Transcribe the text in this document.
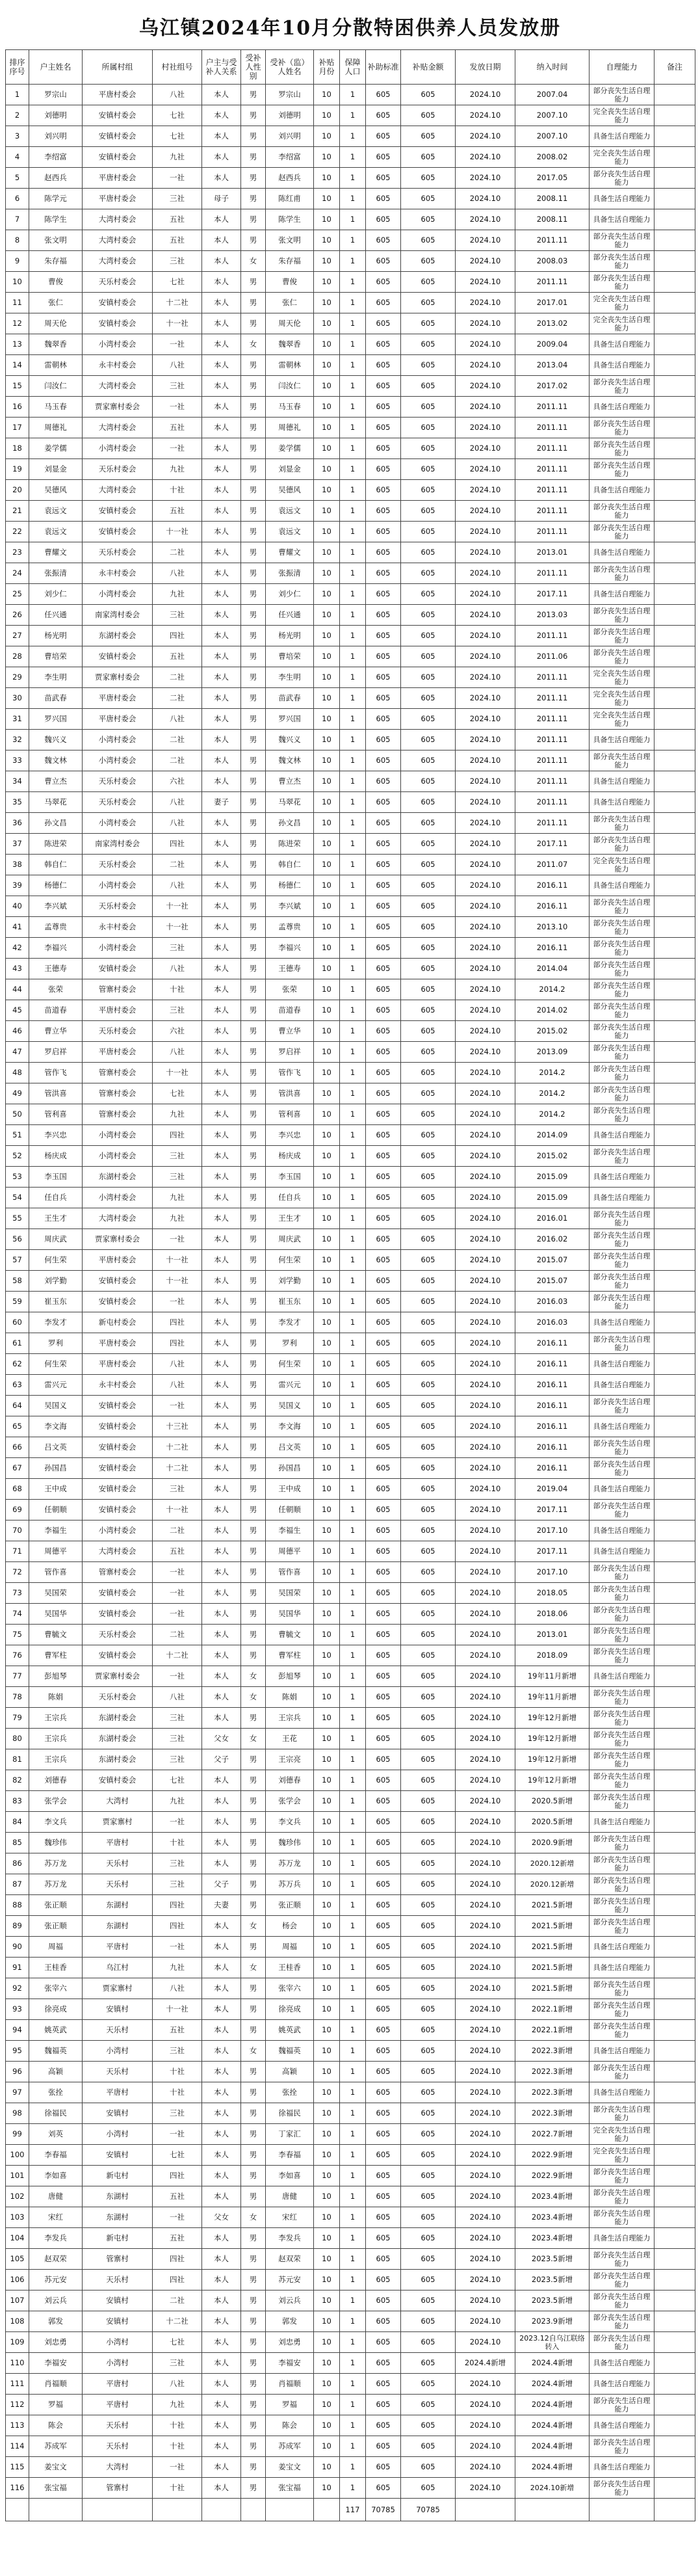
乌江镇2024年10月分散特困供养人员发放册
排序序号	户主姓名	所属村组	村社组号	户主与受补人关系	受补人性别	受补（监）人姓名	补贴月份	保障人口	补助标准	补贴金额	发放日期	纳入时间	自理能力	备注
1	罗宗山	平唐村委会	八社	本人	男	罗宗山	10	1	605	605	2024.10	2007.04	部分丧失生活自理能力	
2	刘德明	安镇村委会	七社	本人	男	刘德明	10	1	605	605	2024.10	2007.10	完全丧失生活自理能力	
3	刘兴明	安镇村委会	七社	本人	男	刘兴明	10	1	605	605	2024.10	2007.10	具备生活自理能力	
4	李绍富	安镇村委会	九社	本人	男	李绍富	10	1	605	605	2024.10	2008.02	完全丧失生活自理能力	
5	赵西兵	平唐村委会	一社	本人	男	赵西兵	10	1	605	605	2024.10	2017.05	部分丧失生活自理能力	
6	陈学元	平唐村委会	三社	母子	男	陈红甫	10	1	605	605	2024.10	2008.11	具备生活自理能力	
7	陈学生	大湾村委会	五社	本人	男	陈学生	10	1	605	605	2024.10	2008.11	具备生活自理能力	
8	张文明	大湾村委会	五社	本人	男	张文明	10	1	605	605	2024.10	2011.11	部分丧失生活自理能力	
9	朱存福	大湾村委会	三社	本人	女	朱存福	10	1	605	605	2024.10	2008.03	部分丧失生活自理能力	
10	曹俊	天乐村委会	七社	本人	男	曹俊	10	1	605	605	2024.10	2011.11	部分丧失生活自理能力	
11	张仁	安镇村委会	十二社	本人	男	张仁	10	1	605	605	2024.10	2017.01	完全丧失生活自理能力	
12	周天伦	安镇村委会	十一社	本人	男	周天伦	10	1	605	605	2024.10	2013.02	完全丧失生活自理能力	
13	魏翠香	小湾村委会	一社	本人	女	魏翠香	10	1	605	605	2024.10	2009.04	具备生活自理能力	
14	雷朝林	永丰村委会	八社	本人	男	雷朝林	10	1	605	605	2024.10	2013.04	具备生活自理能力	
15	闫汝仁	大湾村委会	三社	本人	男	闫汝仁	10	1	605	605	2024.10	2017.02	部分丧失生活自理能力	
16	马玉春	贾家寨村委会	一社	本人	男	马玉春	10	1	605	605	2024.10	2011.11	具备生活自理能力	
17	周德礼	大湾村委会	五社	本人	男	周德礼	10	1	605	605	2024.10	2011.11	部分丧失生活自理能力	
18	姜学儒	小湾村委会	一社	本人	男	姜学儒	10	1	605	605	2024.10	2011.11	部分丧失生活自理能力	
19	刘显金	天乐村委会	九社	本人	男	刘显金	10	1	605	605	2024.10	2011.11	部分丧失生活自理能力	
20	吴德风	大湾村委会	十社	本人	男	吴德风	10	1	605	605	2024.10	2011.11	具备生活自理能力	
21	袁远文	安镇村委会	五社	本人	男	袁远文	10	1	605	605	2024.10	2011.11	部分丧失生活自理能力	
22	袁远文	安镇村委会	十一社	本人	男	袁远文	10	1	605	605	2024.10	2011.11	部分丧失生活自理能力	
23	曹耀文	天乐村委会	二社	本人	男	曹耀文	10	1	605	605	2024.10	2013.01	具备生活自理能力	
24	张振清	永丰村委会	八社	本人	男	张振清	10	1	605	605	2024.10	2011.11	部分丧失生活自理能力	
25	刘少仁	小湾村委会	九社	本人	男	刘少仁	10	1	605	605	2024.10	2017.11	具备生活自理能力	
26	任兴通	南家湾村委会	三社	本人	男	任兴通	10	1	605	605	2024.10	2013.03	部分丧失生活自理能力	
27	杨光明	东湖村委会	四社	本人	男	杨光明	10	1	605	605	2024.10	2011.11	部分丧失生活自理能力	
28	曹培荣	安镇村委会	五社	本人	男	曹培荣	10	1	605	605	2024.10	2011.06	部分丧失生活自理能力	
29	李生明	贾家寨村委会	二社	本人	男	李生明	10	1	605	605	2024.10	2011.11	完全丧失生活自理能力	
30	苗武春	平唐村委会	二社	本人	男	苗武春	10	1	605	605	2024.10	2011.11	完全丧失生活自理能力	
31	罗兴国	平唐村委会	八社	本人	男	罗兴国	10	1	605	605	2024.10	2011.11	完全丧失生活自理能力	
32	魏兴义	小湾村委会	二社	本人	男	魏兴义	10	1	605	605	2024.10	2011.11	具备生活自理能力	
33	魏文林	小湾村委会	二社	本人	男	魏文林	10	1	605	605	2024.10	2011.11	部分丧失生活自理能力	
34	曹立杰	天乐村委会	六社	本人	男	曹立杰	10	1	605	605	2024.10	2011.11	具备生活自理能力	
35	马翠花	天乐村委会	八社	妻子	男	马翠花	10	1	605	605	2024.10	2011.11	具备生活自理能力	
36	孙文昌	小湾村委会	八社	本人	男	孙文昌	10	1	605	605	2024.10	2011.11	部分丧失生活自理能力	
37	陈进荣	南家湾村委会	四社	本人	男	陈进荣	10	1	605	605	2024.10	2017.11	部分丧失生活自理能力	
38	韩自仁	天乐村委会	二社	本人	男	韩自仁	10	1	605	605	2024.10	2011.07	完全丧失生活自理能力	
39	杨德仁	小湾村委会	八社	本人	男	杨德仁	10	1	605	605	2024.10	2016.11	具备生活自理能力	
40	李兴斌	天乐村委会	十一社	本人	男	李兴斌	10	1	605	605	2024.10	2016.11	部分丧失生活自理能力	
41	孟尊贵	永丰村委会	十一社	本人	男	孟尊贵	10	1	605	605	2024.10	2013.10	部分丧失生活自理能力	
42	李福兴	小湾村委会	三社	本人	男	李福兴	10	1	605	605	2024.10	2016.11	部分丧失生活自理能力	
43	王德寿	安镇村委会	八社	本人	男	王德寿	10	1	605	605	2024.10	2014.04	部分丧失生活自理能力	
44	张荣	管寨村委会	十社	本人	男	张荣	10	1	605	605	2024.10	2014.2	部分丧失生活自理能力	
45	苗道春	平唐村委会	三社	本人	男	苗道春	10	1	605	605	2024.10	2014.02	部分丧失生活自理能力	
46	曹立华	天乐村委会	六社	本人	男	曹立华	10	1	605	605	2024.10	2015.02	部分丧失生活自理能力	
47	罗启祥	平唐村委会	八社	本人	男	罗启祥	10	1	605	605	2024.10	2013.09	部分丧失生活自理能力	
48	管作飞	管寨村委会	十一社	本人	男	管作飞	10	1	605	605	2024.10	2014.2	部分丧失生活自理能力	
49	管洪喜	管寨村委会	七社	本人	男	管洪喜	10	1	605	605	2024.10	2014.2	部分丧失生活自理能力	
50	管利喜	管寨村委会	九社	本人	男	管利喜	10	1	605	605	2024.10	2014.2	部分丧失生活自理能力	
51	李兴忠	小湾村委会	四社	本人	男	李兴忠	10	1	605	605	2024.10	2014.09	具备生活自理能力	
52	杨庆成	小湾村委会	三社	本人	男	杨庆成	10	1	605	605	2024.10	2015.02	部分丧失生活自理能力	
53	李玉国	东湖村委会	三社	本人	男	李玉国	10	1	605	605	2024.10	2015.09	具备生活自理能力	
54	任自兵	小湾村委会	九社	本人	男	任自兵	10	1	605	605	2024.10	2015.09	具备生活自理能力	
55	王生才	大湾村委会	九社	本人	男	王生才	10	1	605	605	2024.10	2016.01	部分丧失生活自理能力	
56	周庆武	贾家寨村委会	一社	本人	男	周庆武	10	1	605	605	2024.10	2016.02	部分丧失生活自理能力	
57	何生荣	平唐村委会	十一社	本人	男	何生荣	10	1	605	605	2024.10	2015.07	部分丧失生活自理能力	
58	刘学勤	安镇村委会	十一社	本人	男	刘学勤	10	1	605	605	2024.10	2015.07	部分丧失生活自理能力	
59	崔玉东	安镇村委会	一社	本人	男	崔玉东	10	1	605	605	2024.10	2016.03	部分丧失生活自理能力	
60	李发才	新屯村委会	四社	本人	男	李发才	10	1	605	605	2024.10	2016.03	具备生活自理能力	
61	罗利	平唐村委会	四社	本人	男	罗利	10	1	605	605	2024.10	2016.11	部分丧失生活自理能力	
62	何生荣	平唐村委会	八社	本人	男	何生荣	10	1	605	605	2024.10	2016.11	具备生活自理能力	
63	雷兴元	永丰村委会	八社	本人	男	雷兴元	10	1	605	605	2024.10	2016.11	具备生活自理能力	
64	吴国义	安镇村委会	一社	本人	男	吴国义	10	1	605	605	2024.10	2016.11	部分丧失生活自理能力	
65	李文海	安镇村委会	十三社	本人	男	李文海	10	1	605	605	2024.10	2016.11	具备生活自理能力	
66	吕文英	安镇村委会	十二社	本人	男	吕文英	10	1	605	605	2024.10	2016.11	部分丧失生活自理能力	
67	孙国昌	安镇村委会	十二社	本人	男	孙国昌	10	1	605	605	2024.10	2016.11	部分丧失生活自理能力	
68	王中成	安镇村委会	三社	本人	男	王中成	10	1	605	605	2024.10	2019.04	具备生活自理能力	
69	任朝顺	安镇村委会	十一社	本人	男	任朝顺	10	1	605	605	2024.10	2017.11	部分丧失生活自理能力	
70	李福生	小湾村委会	二社	本人	男	李福生	10	1	605	605	2024.10	2017.10	具备生活自理能力	
71	周德平	大湾村委会	五社	本人	男	周德平	10	1	605	605	2024.10	2017.11	具备生活自理能力	
72	管作喜	管寨村委会	一社	本人	男	管作喜	10	1	605	605	2024.10	2017.10	部分丧失生活自理能力	
73	吴国荣	安镇村委会	一社	本人	男	吴国荣	10	1	605	605	2024.10	2018.05	部分丧失生活自理能力	
74	吴国华	安镇村委会	一社	本人	男	吴国华	10	1	605	605	2024.10	2018.06	部分丧失生活自理能力	
75	曹毓文	天乐村委会	二社	本人	男	曹毓文	10	1	605	605	2024.10	2013.01	部分丧失生活自理能力	
76	曹军柱	安镇村委会	十二社	本人	男	曹军柱	10	1	605	605	2024.10	2018.09	部分丧失生活自理能力	
77	彭旭琴	贾家寨村委会	一社	本人	女	彭旭琴	10	1	605	605	2024.10	19年11月新增	具备生活自理能力	
78	陈娟	天乐村委会	八社	本人	女	陈娟	10	1	605	605	2024.10	19年11月新增	部分丧失生活自理能力	
79	王宗兵	东湖村委会	三社	本人	男	王宗兵	10	1	605	605	2024.10	19年12月新增	部分丧失生活自理能力	
80	王宗兵	东湖村委会	三社	父女	女	王花	10	1	605	605	2024.10	19年12月新增	部分丧失生活自理能力	
81	王宗兵	东湖村委会	三社	父子	男	王宗亮	10	1	605	605	2024.10	19年12月新增	部分丧失生活自理能力	
82	刘德春	安镇村委会	七社	本人	男	刘德春	10	1	605	605	2024.10	19年12月新增	部分丧失生活自理能力	
83	张学会	大湾村	九社	本人	男	张学会	10	1	605	605	2024.10	2020.5新增	部分丧失生活自理能力	
84	李文兵	贾家寨村	一社	本人	男	李文兵	10	1	605	605	2024.10	2020.5新增	具备生活自理能力	
85	魏珍伟	平唐村	十社	本人	男	魏珍伟	10	1	605	605	2024.10	2020.9新增	部分丧失生活自理能力	
86	苏万龙	天乐村	三社	本人	男	苏万龙	10	1	605	605	2024.10	2020.12新增	部分丧失生活自理能力	
87	苏万龙	天乐村	三社	父子	男	苏万兵	10	1	605	605	2024.10	2020.12新增	部分丧失生活自理能力	
88	张正顺	东湖村	四社	夫妻	男	张正顺	10	1	605	605	2024.10	2021.5新增	部分丧失生活自理能力	
89	张正顺	东湖村	四社	本人	女	杨会	10	1	605	605	2024.10	2021.5新增	部分丧失生活自理能力	
90	周福	平唐村	一社	本人	男	周福	10	1	605	605	2024.10	2021.5新增	具备生活自理能力	
91	王桂香	乌江村	九社	本人	女	王桂香	10	1	605	605	2024.10	2021.5新增	具备生活自理能力	
92	张宰六	贾家寨村	八社	本人	男	张宰六	10	1	605	605	2024.10	2021.5新增	部分丧失生活自理能力	
93	徐亮成	安镇村	十一社	本人	男	徐亮成	10	1	605	605	2024.10	2022.1新增	部分丧失生活自理能力	
94	姚英武	天乐村	五社	本人	男	姚英武	10	1	605	605	2024.10	2022.1新增	部分丧失生活自理能力	
95	魏福英	小湾村	三社	本人	女	魏福英	10	1	605	605	2024.10	2022.3新增	具备生活自理能力	
96	高颖	天乐村	十社	本人	男	高颖	10	1	605	605	2024.10	2022.3新增	部分丧失生活自理能力	
97	张拴	平唐村	十社	本人	男	张拴	10	1	605	605	2024.10	2022.3新增	具备生活自理能力	
98	徐福民	安镇村	三社	本人	男	徐福民	10	1	605	605	2024.10	2022.3新增	部分丧失生活自理能力	
99	刘英	小湾村	一社	本人	男	丁家汇	10	1	605	605	2024.10	2022.7新增	完全丧失生活自理能力	
100	李春福	安镇村	七社	本人	男	李春福	10	1	605	605	2024.10	2022.9新增	完全丧失生活自理能力	
101	李如喜	新屯村	四社	本人	男	李如喜	10	1	605	605	2024.10	2022.9新增	部分丧失生活自理能力	
102	唐健	东湖村	五社	本人	男	唐健	10	1	605	605	2024.10	2023.4新增	部分丧失生活自理能力	
103	宋红	东湖村	一社	父女	女	宋红	10	1	605	605	2024.10	2023.4新增	部分丧失生活自理能力	
104	李发兵	新屯村	五社	本人	男	李发兵	10	1	605	605	2024.10	2023.4新增	具备生活自理能力	
105	赵双荣	管寨村	四社	本人	男	赵双荣	10	1	605	605	2024.10	2023.5新增	部分丧失生活自理能力	
106	苏元安	天乐村	四社	本人	男	苏元安	10	1	605	605	2024.10	2023.5新增	部分丧失生活自理能力	
107	刘云兵	安镇村	二社	本人	男	刘云兵	10	1	605	605	2024.10	2023.5新增	部分丧失生活自理能力	
108	郭发	安镇村	十二社	本人	男	郭发	10	1	605	605	2024.10	2023.9新增	部分丧失生活自理能力	
109	刘忠勇	小湾村	七社	本人	男	刘忠勇	10	1	605	605	2024.10	2023.12自乌江联络转入	部分丧失生活自理能力	
110	李福安	小湾村	三社	本人	男	李福安	10	1	605	605	2024.4新增	2024.4新增	具备生活自理能力	
111	肖福顺	平唐村	八社	本人	男	肖福顺	10	1	605	605	2024.10	2024.4新增	具备生活自理能力	
112	罗福	平唐村	九社	本人	男	罗福	10	1	605	605	2024.10	2024.4新增	部分丧失生活自理能力	
113	陈会	天乐村	十社	本人	男	陈会	10	1	605	605	2024.10	2024.4新增	具备生活自理能力	
114	苏成军	天乐村	十社	本人	男	苏成军	10	1	605	605	2024.10	2024.4新增	部分丧失生活自理能力	
115	姜宝文	大湾村	一社	本人	男	姜宝文	10	1	605	605	2024.10	2024.4新增	具备生活自理能力	
116	张宝福	管寨村	十社	本人	男	张宝福	10	1	605	605	2024.10	2024.10新增	部分丧失生活自理能力	
								117	70785	70785				
